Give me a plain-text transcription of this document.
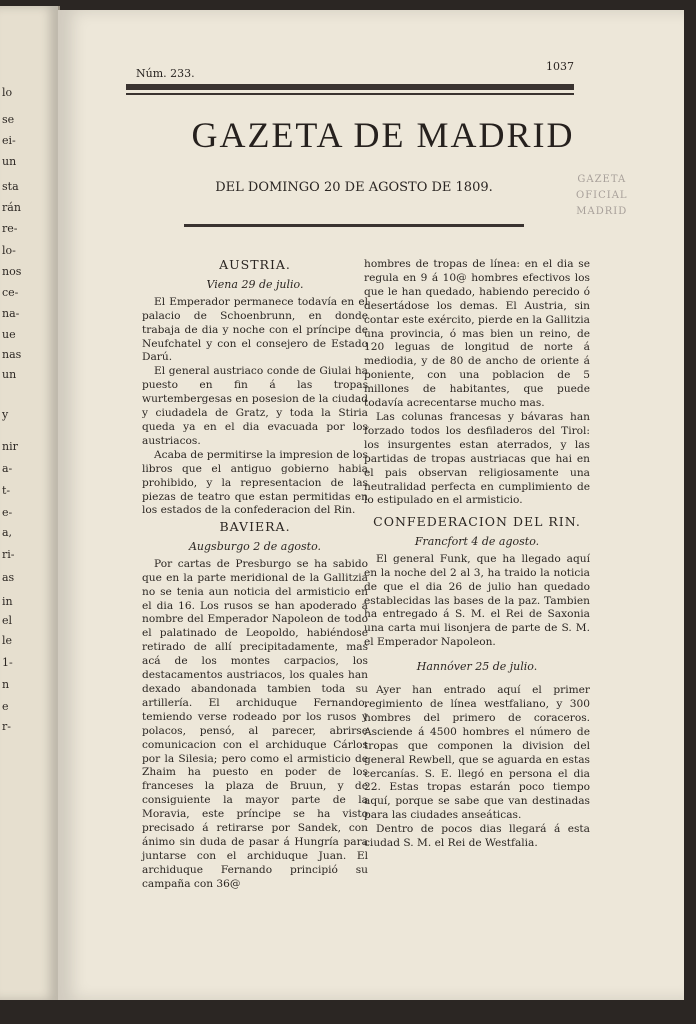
lo
se
ei-
un
sta
rán
re-
lo-
nos
ce-
na-
ue
nas
un
y
nir
a-
t-
e-
a,
ri-
as
in
el
le
1-
n
e
r-
Núm. 233.
1037
GAZETA DE MADRID
DEL DOMINGO 20 DE AGOSTO DE 1809.
GAZETA
OFICIAL
MADRID
AUSTRIA.
Viena 29 de julio.

El Emperador permanece todavía en el palacio de Schoenbrunn, en donde trabaja de dia y noche con el príncipe de Neufchatel y con el consejero de Estado Darú.

El general austriaco conde de Giulai ha puesto en fin á las tropas wurtembergesas en posesion de la ciudad y ciudadela de Gratz, y toda la Stiria queda ya en el dia evacuada por los austriacos.

Acaba de permitirse la impresion de los libros que el antiguo gobierno habia prohibido, y la representacion de las piezas de teatro que estan permitidas en los estados de la confederacion del Rin.

BAVIERA.
Augsburgo 2 de agosto.

Por cartas de Presburgo se ha sabido que en la parte meridional de la Gallitzia no se tenia aun noticia del armisticio en el dia 16. Los rusos se han apoderado á nombre del Emperador Napoleon de todo el palatinado de Leopoldo, habiéndose retirado de allí precipitadamente, mas acá de los montes carpacios, los destacamentos austriacos, los quales han dexado abandonada tambien toda su artillería. El archiduque Fernando, temiendo verse rodeado por los rusos y polacos, pensó, al parecer, abrirse comunicacion con el archiduque Cárlos por la Silesia; pero como el armisticio de Zhaim ha puesto en poder de los franceses la plaza de Bruun, y de consiguiente la mayor parte de la Moravia, este príncipe se ha visto precisado á retirarse por Sandek, con ánimo sin duda de pasar á Hungría para juntarse con el archiduque Juan. El archiduque Fernando principió su campaña con 36@

hombres de tropas de línea: en el dia se regula en 9 á 10@ hombres efectivos los que le han quedado, habiendo perecido ó desertádose los demas. El Austria, sin contar este exército, pierde en la Gallitzia una provincia, ó mas bien un reino, de 120 leguas de longitud de norte á mediodia, y de 80 de ancho de oriente á poniente, con una poblacion de 5 millones de habitantes, que puede todavía acrecentarse mucho mas.

Las colunas francesas y bávaras han forzado todos los desfiladeros del Tirol: los insurgentes estan aterrados, y las partidas de tropas austriacas que hai en el pais observan religiosamente una neutralidad perfecta en cumplimiento de lo estipulado en el armisticio.

CONFEDERACION DEL RIN.
Francfort 4 de agosto.

El general Funk, que ha llegado aquí en la noche del 2 al 3, ha traido la noticia de que el dia 26 de julio han quedado establecidas las bases de la paz. Tambien ha entregado á S. M. el Rei de Saxonia una carta mui lisonjera de parte de S. M. el Emperador Napoleon.

Hannóver 25 de julio.

Ayer han entrado aquí el primer regimiento de línea westfaliano, y 300 hombres del primero de coraceros. Asciende á 4500 hombres el número de tropas que componen la division del general Rewbell, que se aguarda en estas cercanías. S. E. llegó en persona el dia 22. Estas tropas estarán poco tiempo aquí, porque se sabe que van destinadas para las ciudades anseáticas.

Dentro de pocos dias llegará á esta ciudad S. M. el Rei de Westfalia.
